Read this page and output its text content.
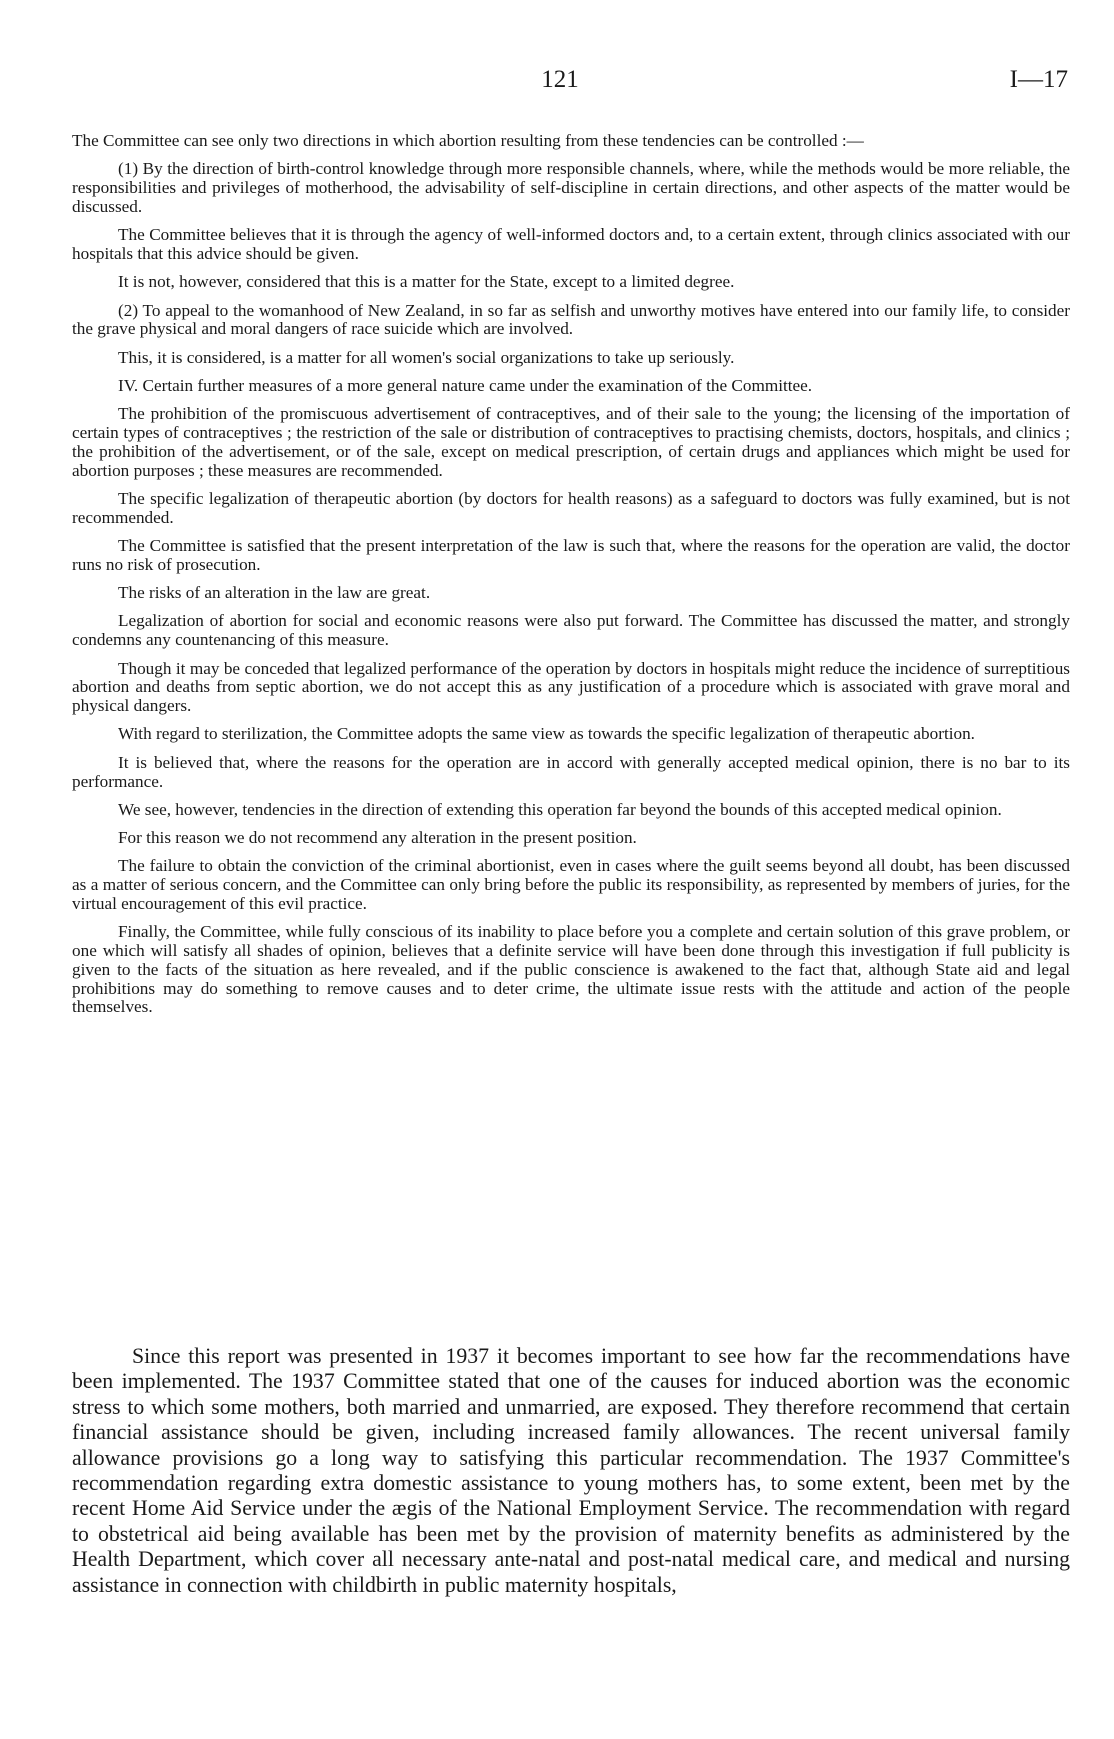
121	I—17

The Committee can see only two directions in which abortion resulting from these tendencies can be controlled :—

(1) By the direction of birth-control knowledge through more responsible channels, where, while the methods would be more reliable, the responsibilities and privileges of motherhood, the advisability of self-discipline in certain directions, and other aspects of the matter would be discussed.

The Committee believes that it is through the agency of well-informed doctors and, to a certain extent, through clinics associated with our hospitals that this advice should be given.

It is not, however, considered that this is a matter for the State, except to a limited degree.

(2) To appeal to the womanhood of New Zealand, in so far as selfish and unworthy motives have entered into our family life, to consider the grave physical and moral dangers of race suicide which are involved.

This, it is considered, is a matter for all women's social organizations to take up seriously.

IV. Certain further measures of a more general nature came under the examination of the Committee.

The prohibition of the promiscuous advertisement of contraceptives, and of their sale to the young; the licensing of the importation of certain types of contraceptives ; the restriction of the sale or distribution of contraceptives to practising chemists, doctors, hospitals, and clinics ; the prohibition of the advertisement, or of the sale, except on medical prescription, of certain drugs and appliances which might be used for abortion purposes ; these measures are recommended.

The specific legalization of therapeutic abortion (by doctors for health reasons) as a safeguard to doctors was fully examined, but is not recommended.

The Committee is satisfied that the present interpretation of the law is such that, where the reasons for the operation are valid, the doctor runs no risk of prosecution.

The risks of an alteration in the law are great.

Legalization of abortion for social and economic reasons were also put forward. The Committee has discussed the matter, and strongly condemns any countenancing of this measure.

Though it may be conceded that legalized performance of the operation by doctors in hospitals might reduce the incidence of surreptitious abortion and deaths from septic abortion, we do not accept this as any justification of a procedure which is associated with grave moral and physical dangers.

With regard to sterilization, the Committee adopts the same view as towards the specific legalization of therapeutic abortion.

It is believed that, where the reasons for the operation are in accord with generally accepted medical opinion, there is no bar to its performance.

We see, however, tendencies in the direction of extending this operation far beyond the bounds of this accepted medical opinion.

For this reason we do not recommend any alteration in the present position.

The failure to obtain the conviction of the criminal abortionist, even in cases where the guilt seems beyond all doubt, has been discussed as a matter of serious concern, and the Committee can only bring before the public its responsibility, as represented by members of juries, for the virtual encouragement of this evil practice.

Finally, the Committee, while fully conscious of its inability to place before you a complete and certain solution of this grave problem, or one which will satisfy all shades of opinion, believes that a definite service will have been done through this investigation if full publicity is given to the facts of the situation as here revealed, and if the public conscience is awakened to the fact that, although State aid and legal prohibitions may do something to remove causes and to deter crime, the ultimate issue rests with the attitude and action of the people themselves.

Since this report was presented in 1937 it becomes important to see how far the recommendations have been implemented. The 1937 Committee stated that one of the causes for induced abortion was the economic stress to which some mothers, both married and unmarried, are exposed. They therefore recommend that certain financial assistance should be given, including increased family allowances. The recent universal family allowance provisions go a long way to satisfying this particular recommendation. The 1937 Committee's recommendation regarding extra domestic assistance to young mothers has, to some extent, been met by the recent Home Aid Service under the ægis of the National Employment Service. The recommendation with regard to obstetrical aid being available has been met by the provision of maternity benefits as administered by the Health Department, which cover all necessary ante-natal and post-natal medical care, and medical and nursing assistance in connection with childbirth in public maternity hospitals,
